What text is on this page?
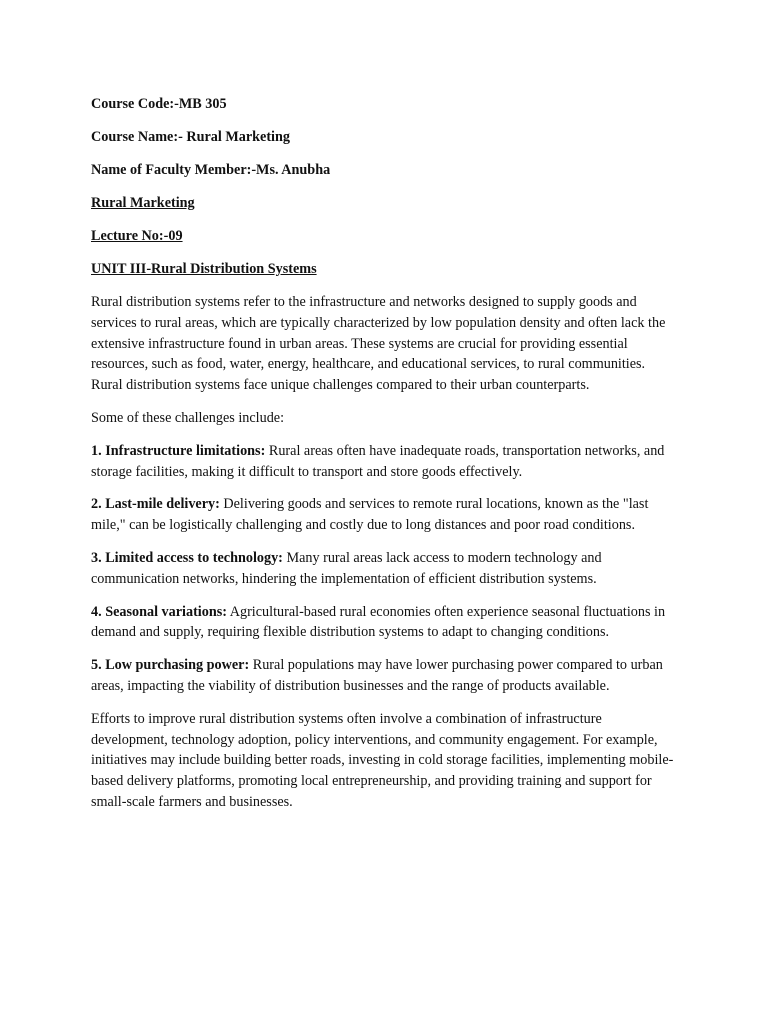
Course Code:-MB 305
Course Name:- Rural Marketing
Name of Faculty Member:-Ms. Anubha
Rural Marketing
Lecture No:-09
UNIT III-Rural Distribution Systems

Rural distribution systems refer to the infrastructure and networks designed to supply goods and services to rural areas, which are typically characterized by low population density and often lack the extensive infrastructure found in urban areas. These systems are crucial for providing essential resources, such as food, water, energy, healthcare, and educational services, to rural communities. Rural distribution systems face unique challenges compared to their urban counterparts.

Some of these challenges include:

1. Infrastructure limitations: Rural areas often have inadequate roads, transportation networks, and storage facilities, making it difficult to transport and store goods effectively.

2. Last-mile delivery: Delivering goods and services to remote rural locations, known as the "last mile," can be logistically challenging and costly due to long distances and poor road conditions.

3. Limited access to technology: Many rural areas lack access to modern technology and communication networks, hindering the implementation of efficient distribution systems.

4. Seasonal variations: Agricultural-based rural economies often experience seasonal fluctuations in demand and supply, requiring flexible distribution systems to adapt to changing conditions.

5. Low purchasing power: Rural populations may have lower purchasing power compared to urban areas, impacting the viability of distribution businesses and the range of products available.

Efforts to improve rural distribution systems often involve a combination of infrastructure development, technology adoption, policy interventions, and community engagement. For example, initiatives may include building better roads, investing in cold storage facilities, implementing mobile-based delivery platforms, promoting local entrepreneurship, and providing training and support for small-scale farmers and businesses.
